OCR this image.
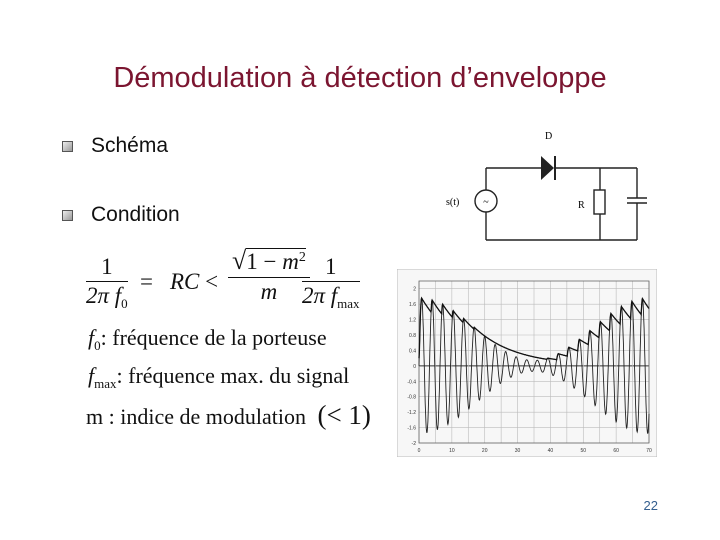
Démodulation à détection d’enveloppe
Schéma
Condition
~
D
s(t)	R
1
2π $f_0$
= RC <
$√1 - m^2$
m
1
2π $f_{max}$
$f_0$: fréquence de la porteuse
$f_{max}$: fréquence max. du signal
m : indice de modulation (< 1)
2
1.6
1.2
0.8
0.4
0
-0.4
-0.8
-1.2
-1.6
-2
0	10	20	30	40	50	60	70
22
